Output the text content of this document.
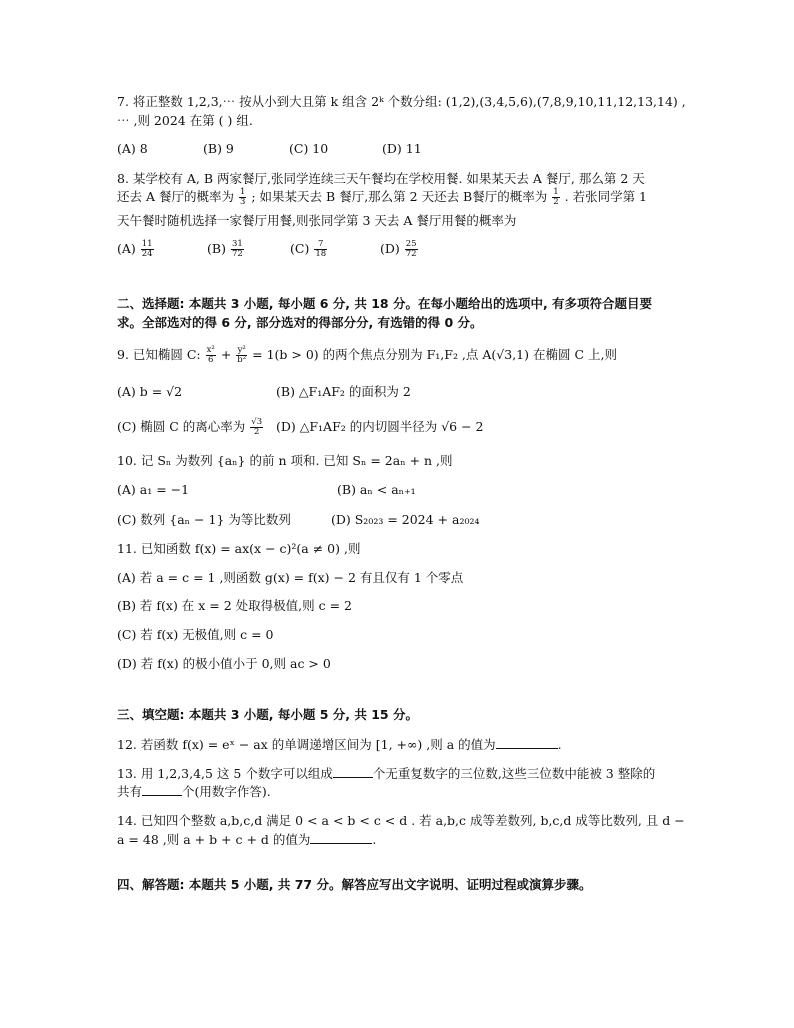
7. 将正整数 1,2,3,⋯ 按从小到大且第 k 组含 2ᵏ 个数分组: (1,2),(3,4,5,6),(7,8,9,10,11,12,13,14) ,
⋯ ,则 2024 在第 ( ) 组.
(A) 8	(B) 9	(C) 10	(D) 11
8. 某学校有 A, B 两家餐厅,张同学连续三天午餐均在学校用餐. 如果某天去 A 餐厅, 那么第 2 天
还去 A 餐厅的概率为 $\frac{1}{3}$ ; 如果某天去 B 餐厅,那么第 2 天还去 B餐厅的概率为 $\frac{1}{2}$ . 若张同学第 1
天午餐时随机选择一家餐厅用餐,则张同学第 3 天去 A 餐厅用餐的概率为
$(A) \frac{11}{24}$	$(B) \frac{31}{72}$	$(C) \frac{7}{18}$	$(D) \frac{25}{72}$
二、选择题: 本题共 3 小题, 每小题 6 分, 共 18 分。在每小题给出的选项中, 有多项符合题目要
求。全部选对的得 6 分, 部分选对的得部分分, 有选错的得 0 分。
9. 已知椭圆 C: $\frac{\text{x²}}{6} + \frac{\text{y²}}{\text{b²}} = 1(b > 0)$ 的两个焦点分别为 F₁,F₂ ,点 A(√3,1) 在椭圆 C 上,则
(A) b = √2	(B) △F₁AF₂ 的面积为 2
(C) 椭圆 C 的离心率为 $\frac{√3}{2} (D)$ △F₁AF₂ 的内切圆半径为 √6 − 2
10. 记 Sₙ 为数列 {aₙ} 的前 n 项和. 已知 Sₙ = 2aₙ + n ,则
(A) a₁ = −1	(B) aₙ < aₙ₊₁
(C) 数列 {aₙ − 1} 为等比数列	(D) S₂₀₂₃ = 2024 + a₂₀₂₄
11. 已知函数 f(x) = ax(x − c)²(a ≠ 0) ,则
(A) 若 a = c = 1 ,则函数 g(x) = f(x) − 2 有且仅有 1 个零点
(B) 若 f(x) 在 x = 2 处取得极值,则 c = 2
(C) 若 f(x) 无极值,则 c = 0
(D) 若 f(x) 的极小值小于 0,则 ac > 0
三、填空题: 本题共 3 小题, 每小题 5 分, 共 15 分。
12. 若函数 f(x) = eˣ − ax 的单调递增区间为 [1, +∞) ,则 a 的值为	.
13. 用 1,2,3,4,5 这 5 个数字可以组成	个无重复数字的三位数,这些三位数中能被 3 整除的
共有	个(用数字作答).
14. 已知四个整数 a,b,c,d 满足 0 < a < b < c < d . 若 a,b,c 成等差数列, b,c,d 成等比数列, 且 d −
a = 48 ,则 a + b + c + d 的值为	.
四、解答题: 本题共 5 小题, 共 77 分。解答应写出文字说明、证明过程或演算步骤。
